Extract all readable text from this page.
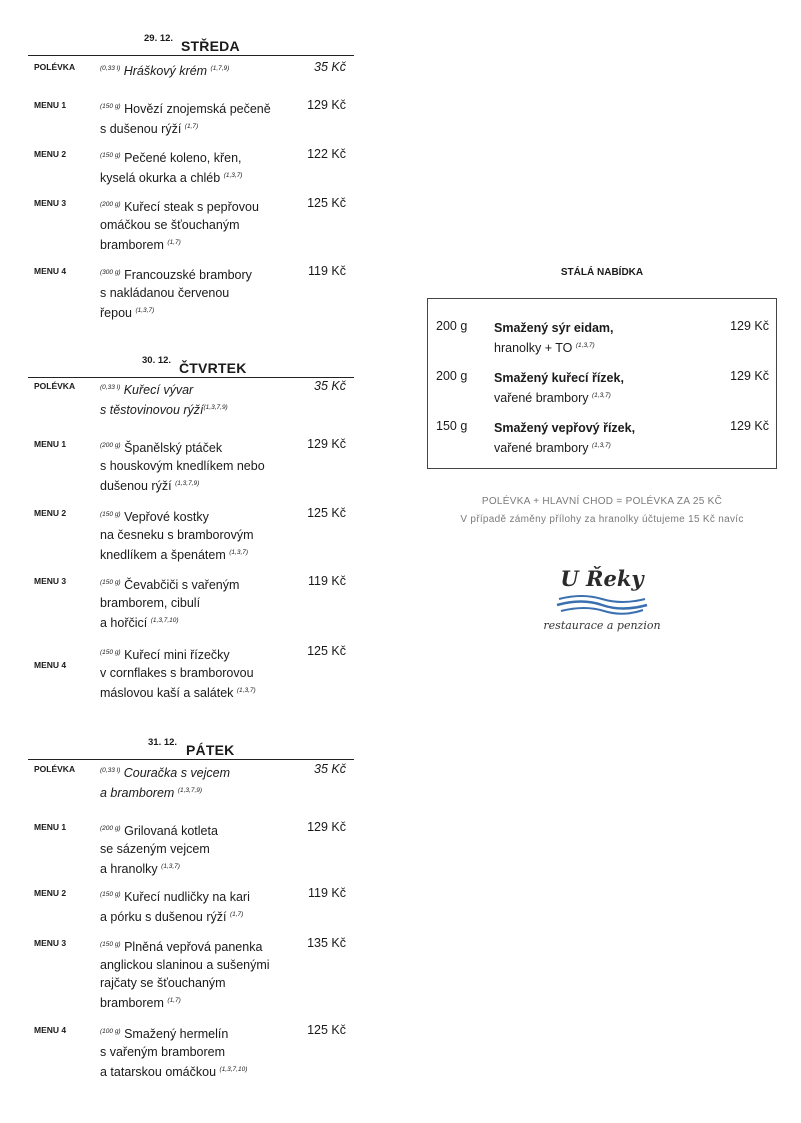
29. 12. STŘEDA
POLÉVKA	$^{(0,33 l)}$ Hráškový krém $^{(1,7,9)}$	35 Kč
MENU 1	$^{(150 g)}$ Hovězí znojemská pečeně
s dušenou rýží $^{(1,7)}$
129 Kč
MENU 2	$^{(150 g)}$ Pečené koleno, křen,
kyselá okurka a chléb $^{(1,3,7)}$
122 Kč
MENU 3	$^{(200 g)}$ Kuřecí steak s pepřovou
omáčkou se šťouchaným
bramborem $^{(1,7)}$
125 Kč
MENU 4	$^{(300 g)}$ Francouzské brambory
s nakládanou červenou
řepou $^{(1,3,7)}$
119 Kč
30. 12. ČTVRTEK
POLÉVKA	$^{(0,33 l)}$ Kuřecí vývar
s těstovinovou rýží$^{(1,3,7,9)}$
35 Kč
MENU 1	$^{(200 g)}$ Španělský ptáček
s houskovým knedlíkem nebo
dušenou rýží $^{(1,3,7,9)}$
129 Kč
MENU 2	$^{(150 g)}$ Vepřové kostky
na česneku s bramborovým
knedlíkem a špenátem $^{(1,3,7)}$
125 Kč
MENU 3	$^{(150 g)}$ Čevabčiči s vařeným
bramborem, cibulí
a hořčicí $^{(1,3,7,10)}$
119 Kč
MENU 4
$^{(150 g)}$ Kuřecí mini řízečky
v cornflakes s bramborovou
máslovou kaší a salátek $^{(1,3,7)}$
125 Kč
31. 12. PÁTEK
POLÉVKA	$^{(0,33 l)}$ Couračka s vejcem
a bramborem $^{(1,3,7,9)}$
35 Kč
MENU 1	$^{(200 g)}$ Grilovaná kotleta
se sázeným vejcem
a hranolky $^{(1,3,7)}$
129 Kč
MENU 2	$^{(150 g)}$ Kuřecí nudličky na kari
a pórku s dušenou rýží $^{(1,7)}$
119 Kč
MENU 3	$^{(150 g)}$ Plněná vepřová panenka
anglickou slaninou a sušenými
rajčaty se šťouchaným
bramborem $^{(1,7)}$
135 Kč
MENU 4	$^{(100 g)}$ Smažený hermelín
s vařeným bramborem
a tatarskou omáčkou $^{(1,3,7,10)}$
125 Kč
STÁLÁ NABÍDKA
200 g Smažený sýr eidam,
hranolky + TO $^{(1,3,7)}$
129 Kč
200 g Smažený kuřecí řízek,
vařené brambory $^{(1,3,7)}$
129 Kč
150 g Smažený vepřový řízek,
vařené brambory $^{(1,3,7)}$
129 Kč
POLÉVKA + HLAVNÍ CHOD = POLÉVKA ZA 25 KČ
V případě záměny přílohy za hranolky účtujeme 15 Kč navíc
U Řeky
restaurace a penzion
